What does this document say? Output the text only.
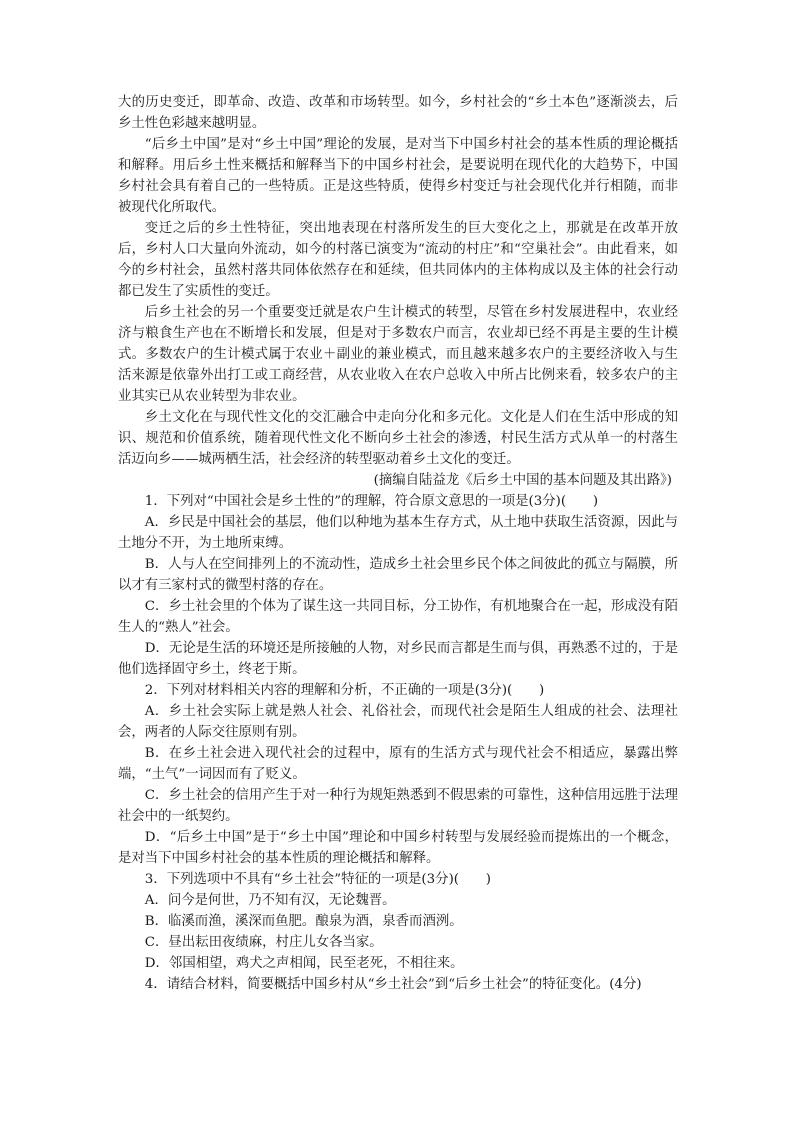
大的历史变迁，即革命、改造、改革和市场转型。如今，乡村社会的“乡土本色”逐渐淡去，后乡土性色彩越来越明显。

“后乡土中国”是对“乡土中国”理论的发展，是对当下中国乡村社会的基本性质的理论概括和解释。用后乡土性来概括和解释当下的中国乡村社会，是要说明在现代化的大趋势下，中国乡村社会具有着自己的一些特质。正是这些特质，使得乡村变迁与社会现代化并行相随，而非被现代化所取代。

变迁之后的乡土性特征，突出地表现在村落所发生的巨大变化之上，那就是在改革开放后，乡村人口大量向外流动，如今的村落已演变为“流动的村庄”和“空巢社会”。由此看来，如今的乡村社会，虽然村落共同体依然存在和延续，但共同体内的主体构成以及主体的社会行动都已发生了实质性的变迁。

后乡土社会的另一个重要变迁就是农户生计模式的转型，尽管在乡村发展进程中，农业经济与粮食生产也在不断增长和发展，但是对于多数农户而言，农业却已经不再是主要的生计模式。多数农户的生计模式属于农业＋副业的兼业模式，而且越来越多农户的主要经济收入与生活来源是依靠外出打工或工商经营，从农业收入在农户总收入中所占比例来看，较多农户的主业其实已从农业转型为非农业。

乡土文化在与现代性文化的交汇融合中走向分化和多元化。文化是人们在生活中形成的知识、规范和价值系统，随着现代性文化不断向乡土社会的渗透，村民生活方式从单一的村落生活迈向乡——城两栖生活，社会经济的转型驱动着乡土文化的变迁。

(摘编自陆益龙《后乡土中国的基本问题及其出路》)

1．下列对“中国社会是乡土性的”的理解，符合原文意思的一项是(3分)(　　)

A．乡民是中国社会的基层，他们以种地为基本生存方式，从土地中获取生活资源，因此与土地分不开，为土地所束缚。

B．人与人在空间排列上的不流动性，造成乡土社会里乡民个体之间彼此的孤立与隔膜，所以才有三家村式的微型村落的存在。

C．乡土社会里的个体为了谋生这一共同目标，分工协作，有机地聚合在一起，形成没有陌生人的“熟人”社会。

D．无论是生活的环境还是所接触的人物，对乡民而言都是生而与俱，再熟悉不过的，于是他们选择固守乡土，终老于斯。

2．下列对材料相关内容的理解和分析，不正确的一项是(3分)(　　)

A．乡土社会实际上就是熟人社会、礼俗社会，而现代社会是陌生人组成的社会、法理社会，两者的人际交往原则有别。

B．在乡土社会进入现代社会的过程中，原有的生活方式与现代社会不相适应，暴露出弊端，“土气”一词因而有了贬义。

C．乡土社会的信用产生于对一种行为规矩熟悉到不假思索的可靠性，这种信用远胜于法理社会中的一纸契约。

D．“后乡土中国”是于“乡土中国”理论和中国乡村转型与发展经验而提炼出的一个概念，是对当下中国乡村社会的基本性质的理论概括和解释。

3．下列选项中不具有“乡土社会”特征的一项是(3分)(　　)

A．问今是何世，乃不知有汉，无论魏晋。

B．临溪而渔，溪深而鱼肥。酿泉为酒，泉香而酒洌。

C．昼出耘田夜绩麻，村庄儿女各当家。

D．邻国相望，鸡犬之声相闻，民至老死，不相往来。

4．请结合材料，简要概括中国乡村从“乡土社会”到“后乡土社会”的特征变化。(4分)
